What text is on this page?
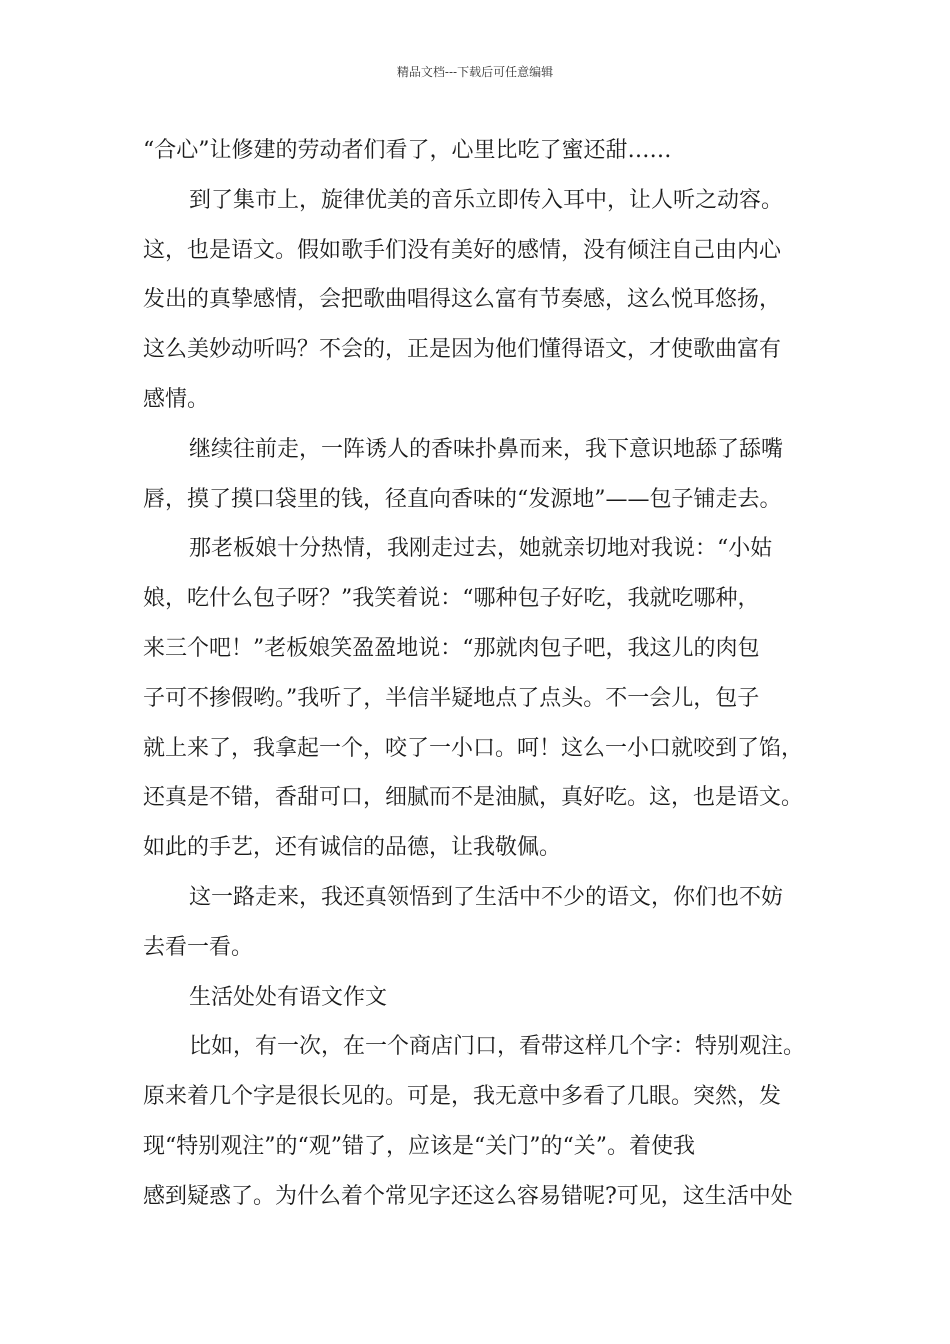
精品文档---下载后可任意编辑
“合心”让修建的劳动者们看了，心里比吃了蜜还甜……
到了集市上，旋律优美的音乐立即传入耳中，让人听之动容。
这，也是语文。假如歌手们没有美好的感情，没有倾注自己由内心
发出的真挚感情，会把歌曲唱得这么富有节奏感，这么悦耳悠扬，
这么美妙动听吗？不会的，正是因为他们懂得语文，才使歌曲富有
感情。
继续往前走，一阵诱人的香味扑鼻而来，我下意识地舔了舔嘴
唇，摸了摸口袋里的钱，径直向香味的“发源地”——包子铺走去。
那老板娘十分热情，我刚走过去，她就亲切地对我说：“小姑
娘，吃什么包子呀？”我笑着说：“哪种包子好吃，我就吃哪种，
来三个吧！”老板娘笑盈盈地说：“那就肉包子吧，我这儿的肉包
子可不掺假哟。”我听了，半信半疑地点了点头。不一会儿，包子
就上来了，我拿起一个，咬了一小口。呵！这么一小口就咬到了馅，
还真是不错，香甜可口，细腻而不是油腻，真好吃。这，也是语文。
如此的手艺，还有诚信的品德，让我敬佩。
这一路走来，我还真领悟到了生活中不少的语文，你们也不妨
去看一看。
生活处处有语文作文
比如，有一次，在一个商店门口，看带这样几个字：特别观注。
原来着几个字是很长见的。可是，我无意中多看了几眼。突然，发
现“特别观注”的“观”错了，应该是“关门”的“关”。着使我
感到疑惑了。为什么着个常见字还这么容易错呢?可见，这生活中处
